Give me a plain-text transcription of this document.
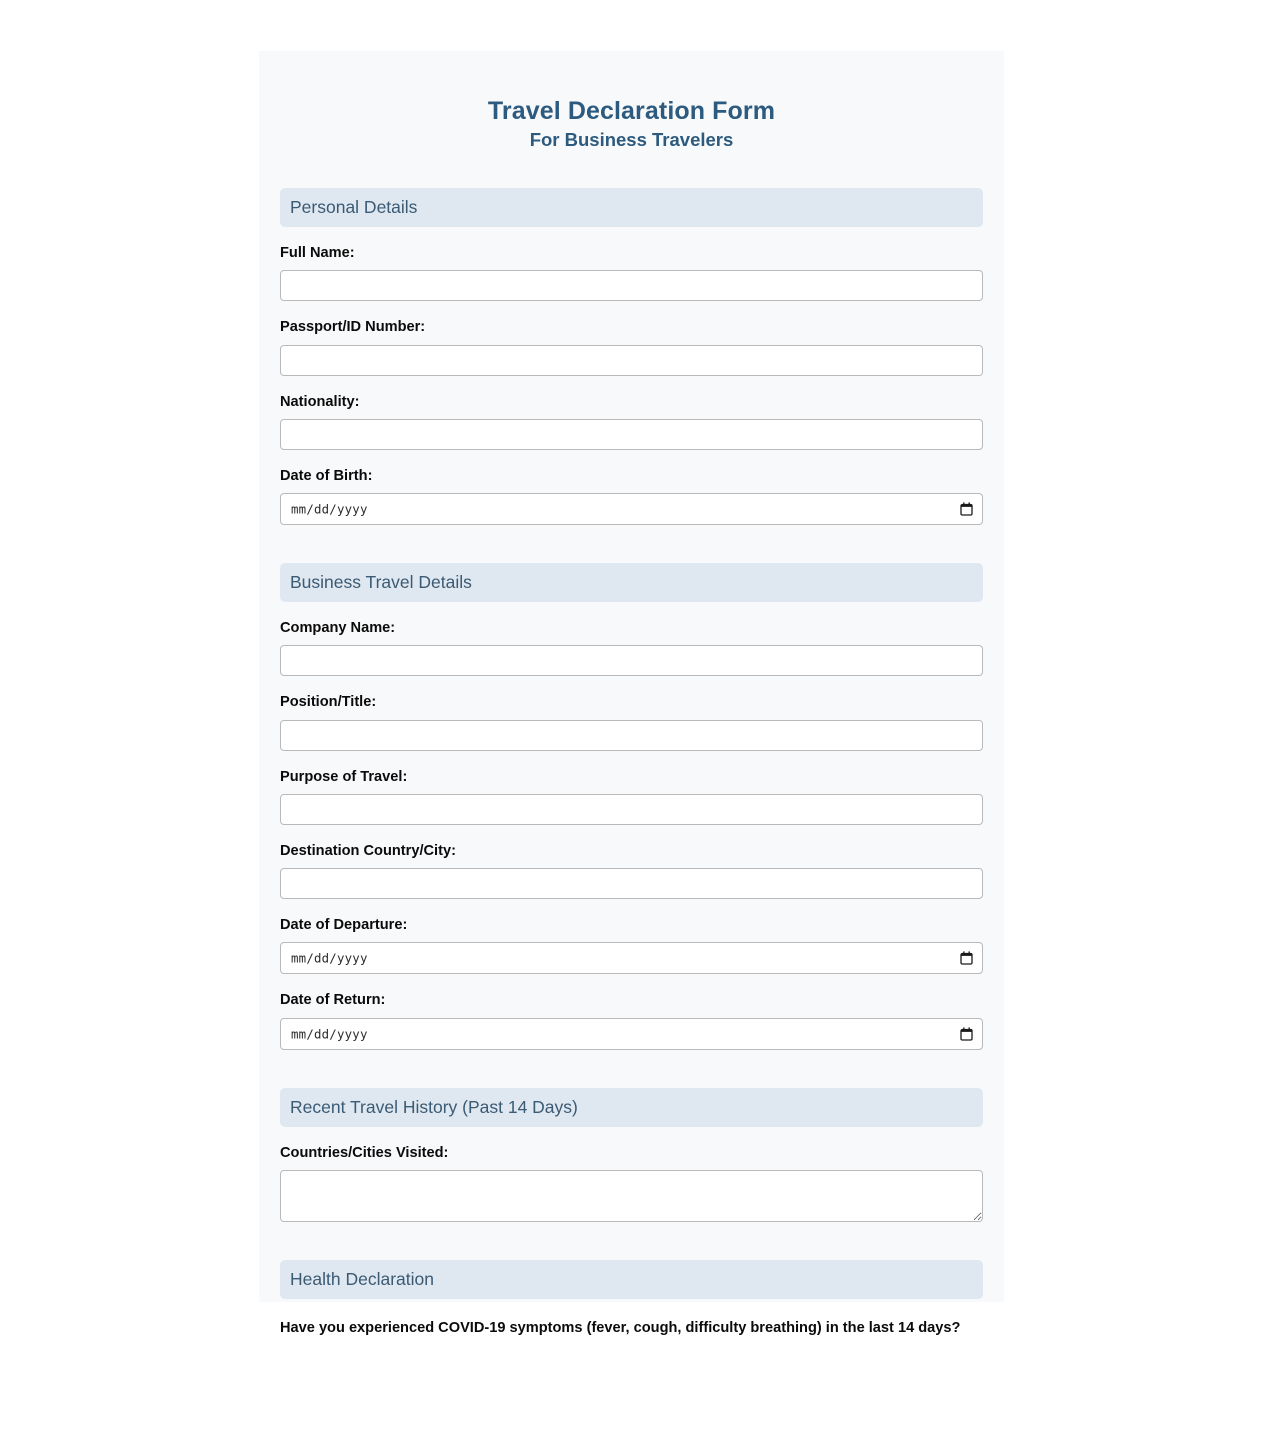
Travel Declaration Form
For Business Travelers
Personal Details
Full Name:
Passport/ID Number:
Nationality:
Date of Birth:
mm/dd/yyyy
Business Travel Details
Company Name:
Position/Title:
Purpose of Travel:
Destination Country/City:
Date of Departure:
mm/dd/yyyy
Date of Return:
mm/dd/yyyy
Recent Travel History (Past 14 Days)
Countries/Cities Visited:
Health Declaration
Have you experienced COVID-19 symptoms (fever, cough, difficulty breathing) in the last 14 days?
